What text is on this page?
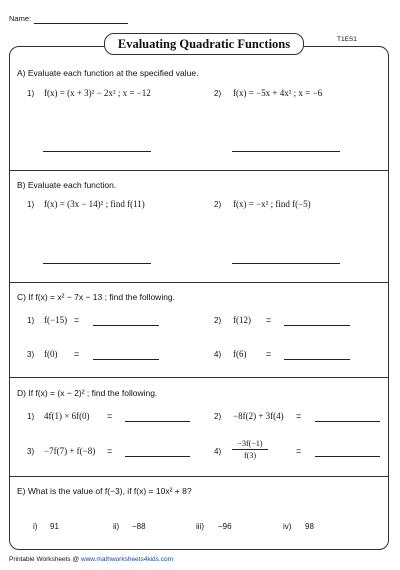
Name:
T1ES1
Evaluating Quadratic Functions
A) Evaluate each function at the specified value.
1) f(x) = (x + 3)² − 2x² ; x = −12	2) f(x) = −5x + 4x² ; x = −6
B) Evaluate each function.
1) f(x) = (3x − 14)² ; find f(11)	2) f(x) = −x² ; find f(−5)
C) If f(x) = x² − 7x − 13 ; find the following.
1) f(−15) =	2) f(12) =
3) f(0) =	4) f(6) =
D) If f(x) = (x − 2)² ; find the following.
1) 4f(1) × 6f(0) =	2) −8f(2) + 3f(4) =
3) −7f(7) + f(−8) =	$4) \frac{-3f(-1)}{f(3)}$	=
E) What is the value of f(−3), if f(x) = 10x² + 8?
i) 91	ii) −88	iii) −96	iv) 98
Printable Worksheets @ www.mathworksheets4kids.com
